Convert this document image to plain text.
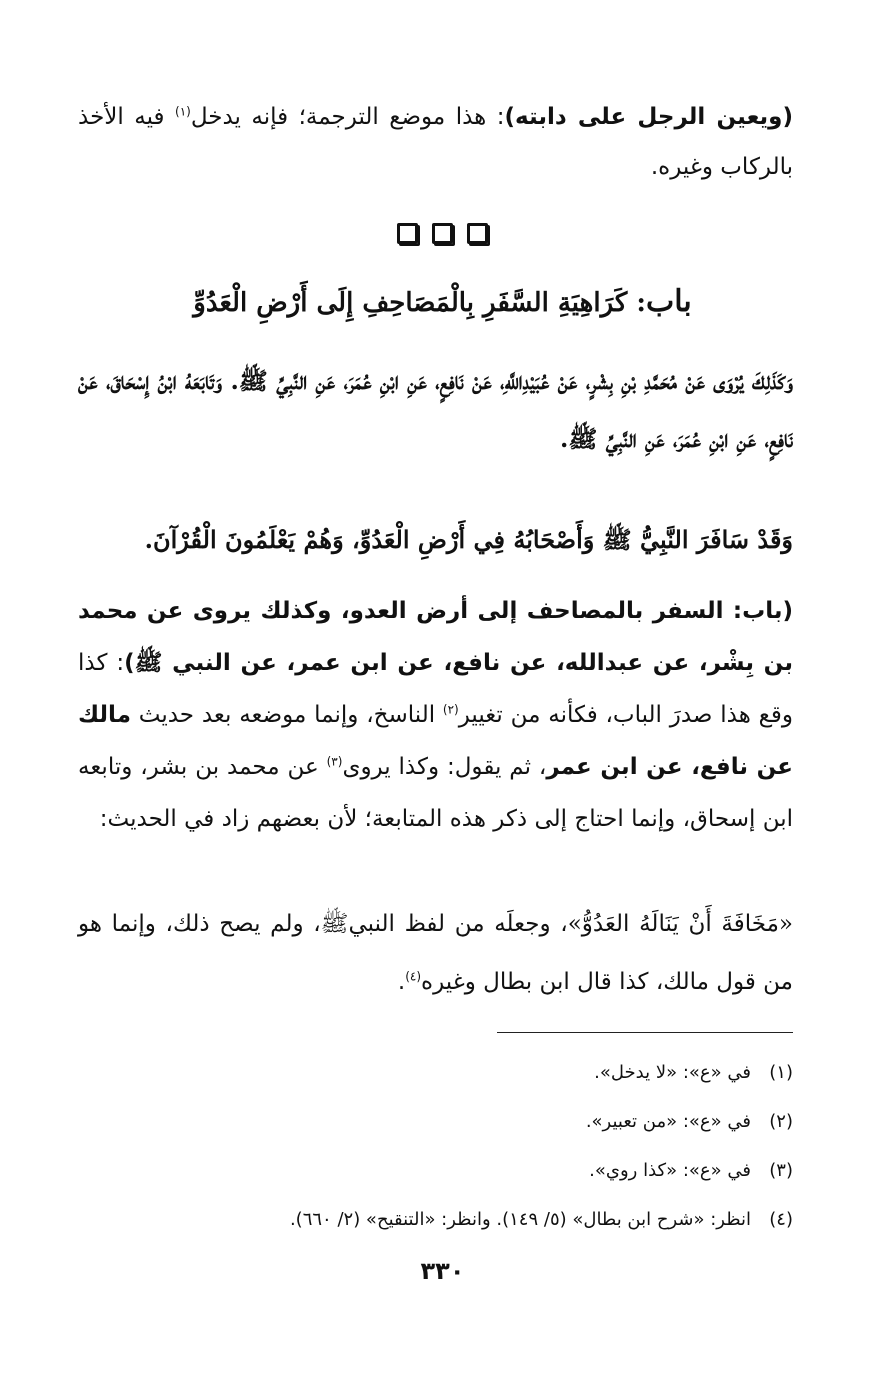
(ويعين الرجل على دابته): هذا موضع الترجمة؛ فإنه يدخل$^{(١)}$ فيه الأخذ بالركاب وغيره.
باب: كَرَاهِيَةِ السَّفَرِ بِالْمَصَاحِفِ إِلَى أَرْضِ الْعَدُوِّ
وَكَذَلِكَ يُرْوَى عَنْ مُحَمَّدِ بْنِ بِشْرٍ، عَنْ عُبَيْدِاللَّهِ، عَنْ نَافِعٍ، عَنِ ابْنِ عُمَرَ، عَنِ النَّبِيِّ ﷺ. وَتَابَعَهُ ابْنُ إِسْحَاقَ، عَنْ نَافِعٍ، عَنِ ابْنِ عُمَرَ، عَنِ النَّبِيِّ ﷺ.
وَقَدْ سَافَرَ النَّبِيُّ ﷺ وَأَصْحَابُهُ فِي أَرْضِ الْعَدُوِّ، وَهُمْ يَعْلَمُونَ الْقُرْآنَ.
(باب: السفر بالمصاحف إلى أرض العدو، وكذلك يروى عن محمد بن بِشْر، عن عبدالله، عن نافع، عن ابن عمر، عن النبي ﷺ): كذا وقع هذا صدرَ الباب، فكأنه من تغيير$^{(٢)}$ الناسخ، وإنما موضعه بعد حديث مالك عن نافع، عن ابن عمر، ثم يقول: وكذا يروى$^{(٣)}$ عن محمد بن بشر، وتابعه ابن إسحاق، وإنما احتاج إلى ذكر هذه المتابعة؛ لأن بعضهم زاد في الحديث:
«مَخَافَةَ أَنْ يَنَالَهُ العَدُوُّ»، وجعلَه من لفظ النبيﷺ، ولم يصح ذلك، وإنما هو من قول مالك، كذا قال ابن بطال وغيره$^{(٤)}$.
(١)
في «ع»: «لا يدخل».
(٢)
في «ع»: «من تعبير».
(٣)
في «ع»: «كذا روي».
(٤)
انظر: «شرح ابن بطال» (٥/ ١٤٩). وانظر: «التنقيح» (٢/ ٦٦٠).
٣٣٠
